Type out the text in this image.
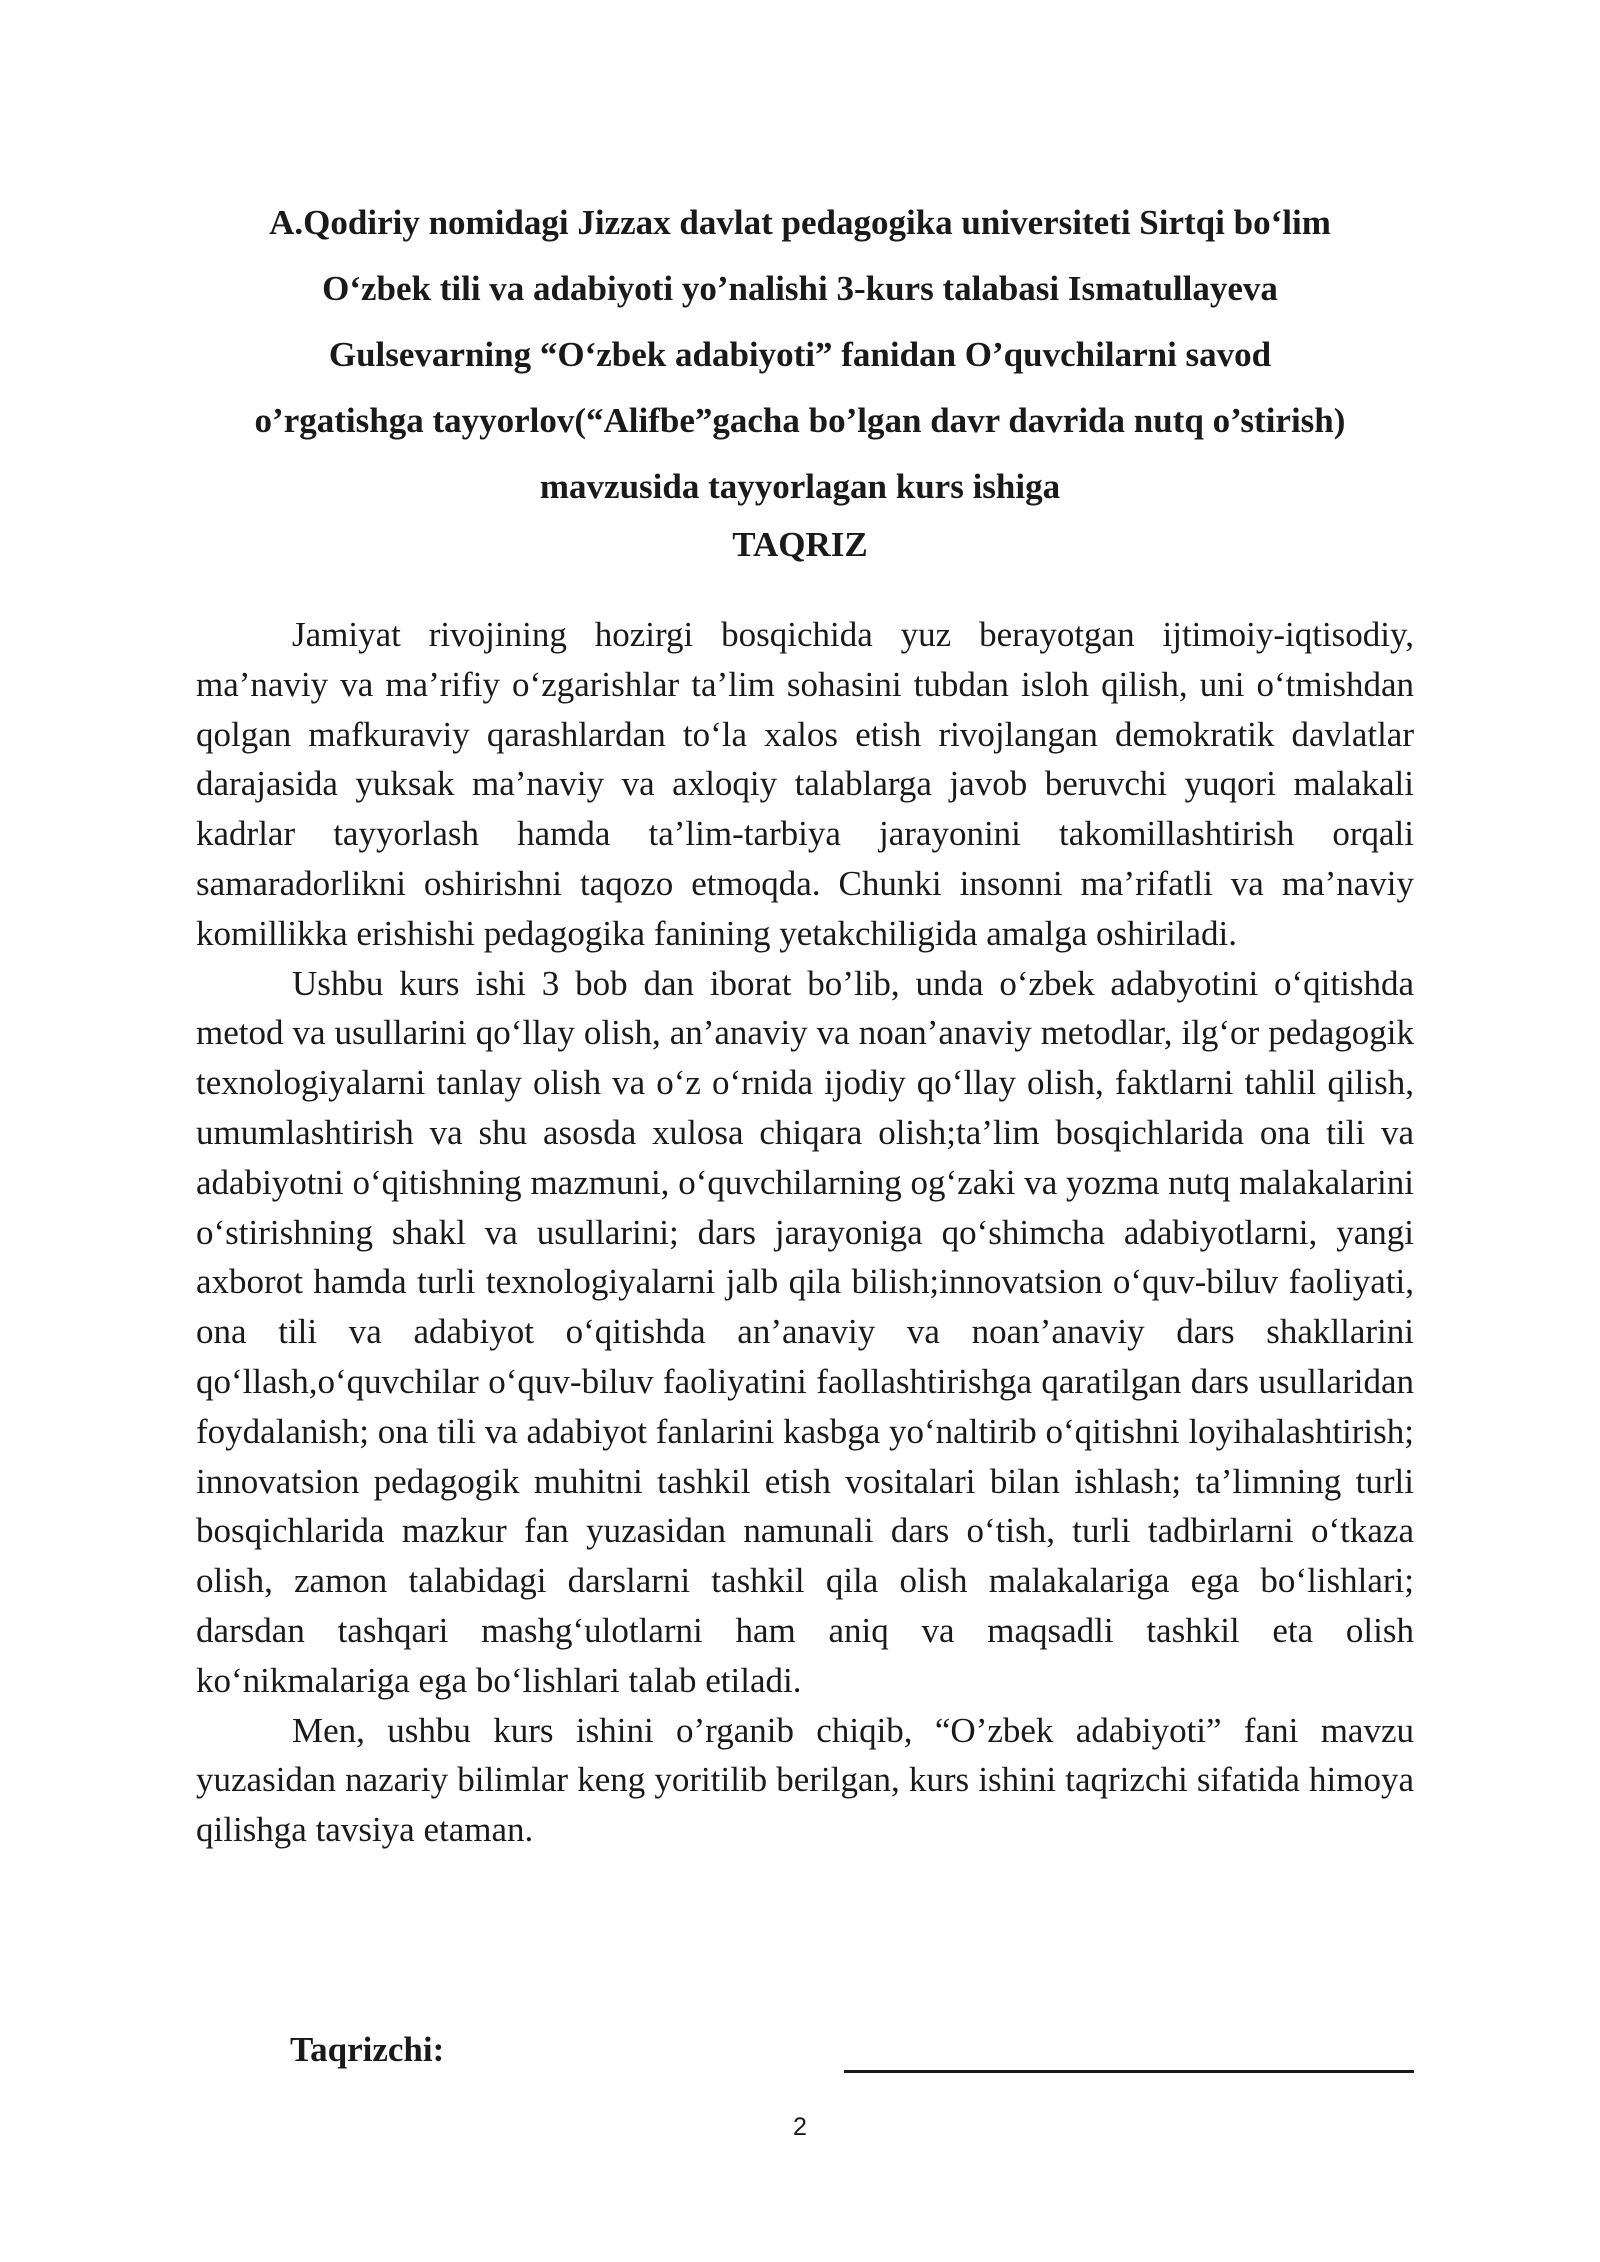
A.Qodiriy nomidagi Jizzax davlat pedagogika universiteti Sirtqi bo‘lim
O‘zbek tili va adabiyoti yo’nalishi 3-kurs talabasi Ismatullayeva
Gulsevarning “O‘zbek adabiyoti” fanidan O’quvchilarni savod
o’rgatishga tayyorlov(“Alifbe”gacha bo’lgan davr davrida nutq o’stirish)
mavzusida tayyorlagan kurs ishiga
TAQRIZ

Jamiyat rivojining hozirgi bosqichida yuz berayotgan ijtimoiy-iqtisodiy, ma’naviy va ma’rifiy o‘zgarishlar ta’lim sohasini tubdan isloh qilish, uni o‘tmishdan qolgan mafkuraviy qarashlardan to‘la xalos etish rivojlangan demokratik davlatlar darajasida yuksak ma’naviy va axloqiy talablarga javob beruvchi yuqori malakali kadrlar tayyorlash hamda ta’lim-tarbiya jarayonini takomillashtirish orqali samaradorlikni oshirishni taqozo etmoqda. Chunki insonni ma’rifatli va ma’naviy komillikka erishishi pedagogika fanining yetakchiligida amalga oshiriladi.

Ushbu kurs ishi 3 bob dan iborat bo’lib, unda o‘zbek adabyotini o‘qitishda metod va usullarini qo‘llay olish, an’anaviy va noan’anaviy metodlar, ilg‘or pedagogik texnologiyalarni tanlay olish va o‘z o‘rnida ijodiy qo‘llay olish, faktlarni tahlil qilish, umumlashtirish va shu asosda xulosa chiqara olish;ta’lim bosqichlarida ona tili va adabiyotni o‘qitishning mazmuni, o‘quvchilarning og‘zaki va yozma nutq malakalarini o‘stirishning shakl va usullarini; dars jarayoniga qo‘shimcha adabiyotlarni, yangi axborot hamda turli texnologiyalarni jalb qila bilish;innovatsion o‘quv-biluv faoliyati, ona tili va adabiyot o‘qitishda an’anaviy va noan’anaviy dars shakllarini qo‘llash,o‘quvchilar o‘quv-biluv faoliyatini faollashtirishga qaratilgan dars usullaridan foydalanish; ona tili va adabiyot fanlarini kasbga yo‘naltirib o‘qitishni loyihalashtirish; innovatsion pedagogik muhitni tashkil etish vositalari bilan ishlash; ta’limning turli bosqichlarida mazkur fan yuzasidan namunali dars o‘tish, turli tadbirlarni o‘tkaza olish, zamon talabidagi darslarni tashkil qila olish malakalariga ega bo‘lishlari; darsdan tashqari mashg‘ulotlarni ham aniq va maqsadli tashkil eta olish ko‘nikmalariga ega bo‘lishlari talab etiladi.

Men, ushbu kurs ishini o’rganib chiqib, “O’zbek adabiyoti” fani mavzu yuzasidan nazariy bilimlar keng yoritilib berilgan, kurs ishini taqrizchi sifatida himoya qilishga tavsiya etaman.

Taqrizchi:
2
